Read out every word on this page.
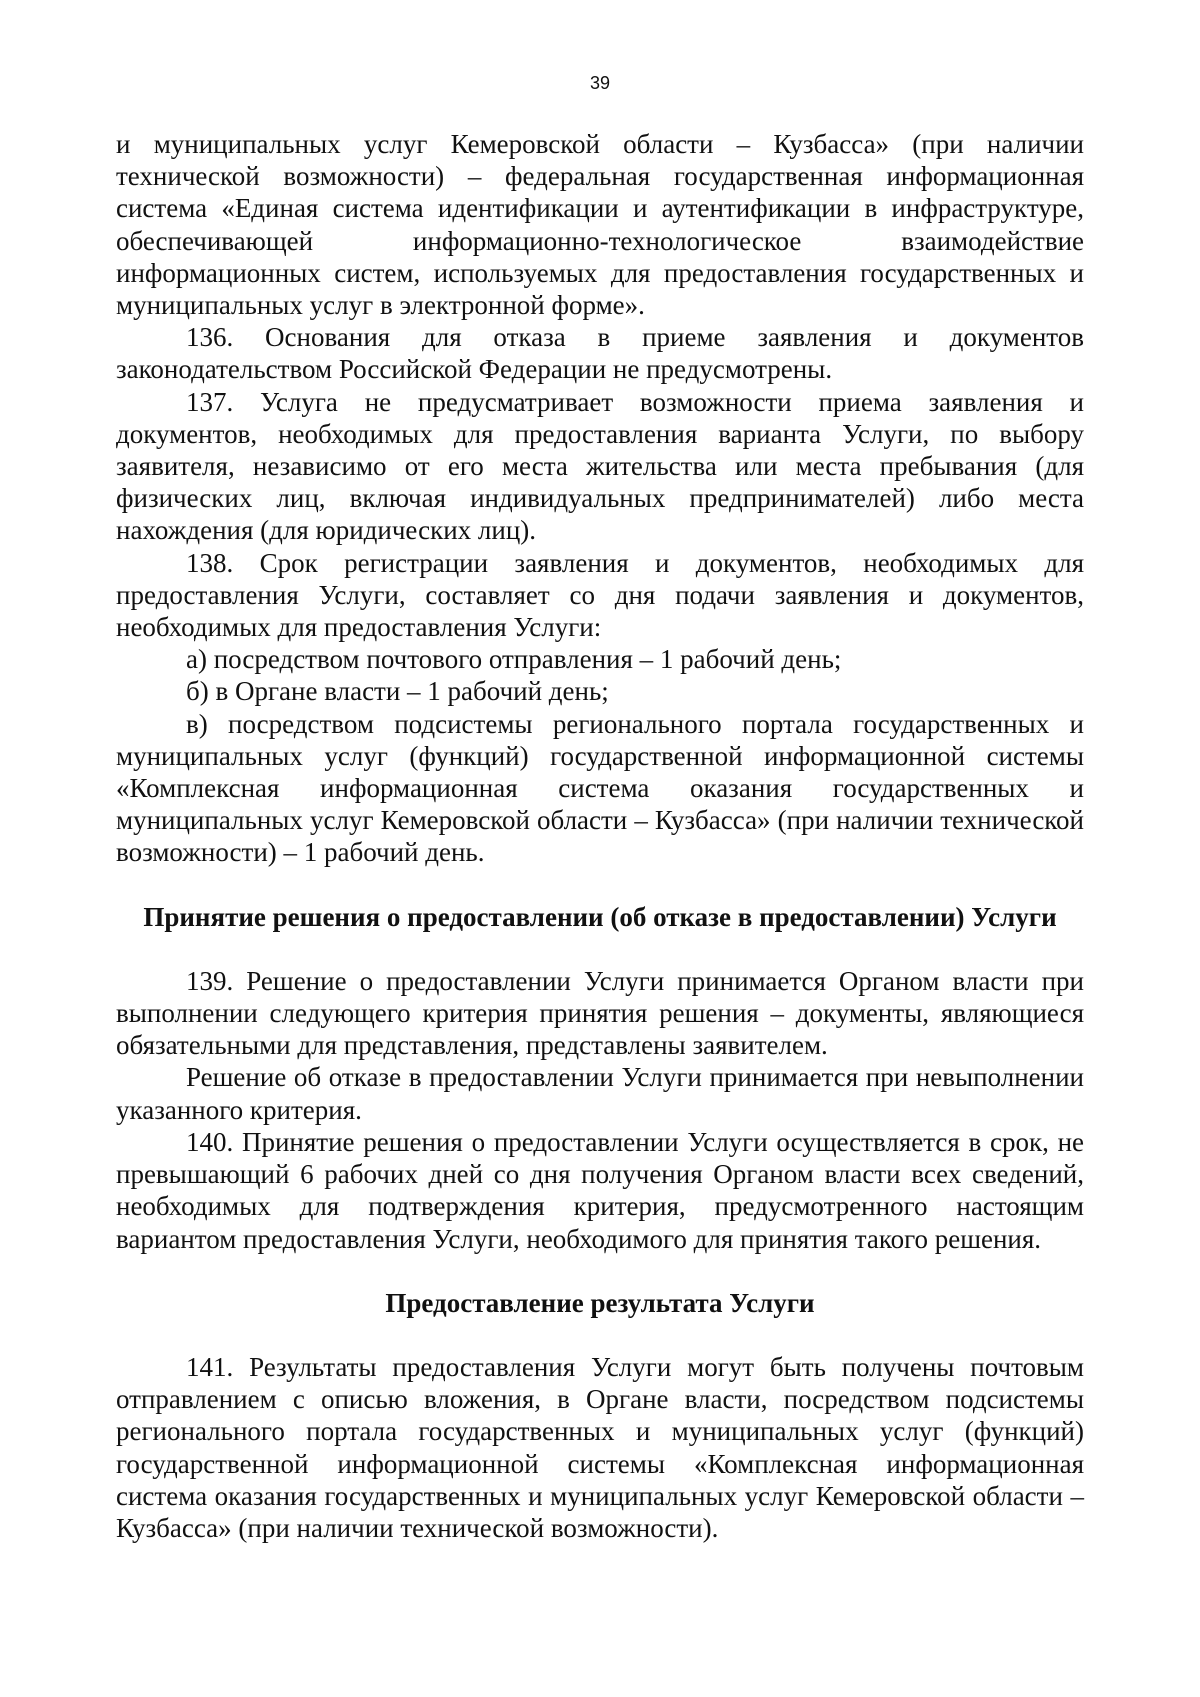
39

и муниципальных услуг Кемеровской области – Кузбасса» (при наличии технической возможности) – федеральная государственная информационная система «Единая система идентификации и аутентификации в инфраструктуре, обеспечивающей информационно-технологическое взаимодействие информационных систем, используемых для предоставления государственных и муниципальных услуг в электронной форме».

136. Основания для отказа в приеме заявления и документов законодательством Российской Федерации не предусмотрены.

137. Услуга не предусматривает возможности приема заявления и документов, необходимых для предоставления варианта Услуги, по выбору заявителя, независимо от его места жительства или места пребывания (для физических лиц, включая индивидуальных предпринимателей) либо места нахождения (для юридических лиц).

138. Срок регистрации заявления и документов, необходимых для предоставления Услуги, составляет со дня подачи заявления и документов, необходимых для предоставления Услуги:

а) посредством почтового отправления – 1 рабочий день;

б) в Органе власти – 1 рабочий день;

в) посредством подсистемы регионального портала государственных и муниципальных услуг (функций) государственной информационной системы «Комплексная информационная система оказания государственных и муниципальных услуг Кемеровской области – Кузбасса» (при наличии технической возможности) – 1 рабочий день.

Принятие решения о предоставлении (об отказе в предоставлении) Услуги

139. Решение о предоставлении Услуги принимается Органом власти при выполнении следующего критерия принятия решения – документы, являющиеся обязательными для представления, представлены заявителем.

Решение об отказе в предоставлении Услуги принимается при невыполнении указанного критерия.

140. Принятие решения о предоставлении Услуги осуществляется в срок, не превышающий 6 рабочих дней со дня получения Органом власти всех сведений, необходимых для подтверждения критерия, предусмотренного настоящим вариантом предоставления Услуги, необходимого для принятия такого решения.

Предоставление результата Услуги

141. Результаты предоставления Услуги могут быть получены почтовым отправлением с описью вложения, в Органе власти, посредством подсистемы регионального портала государственных и муниципальных услуг (функций) государственной информационной системы «Комплексная информационная система оказания государственных и муниципальных услуг Кемеровской области – Кузбасса» (при наличии технической возможности).
